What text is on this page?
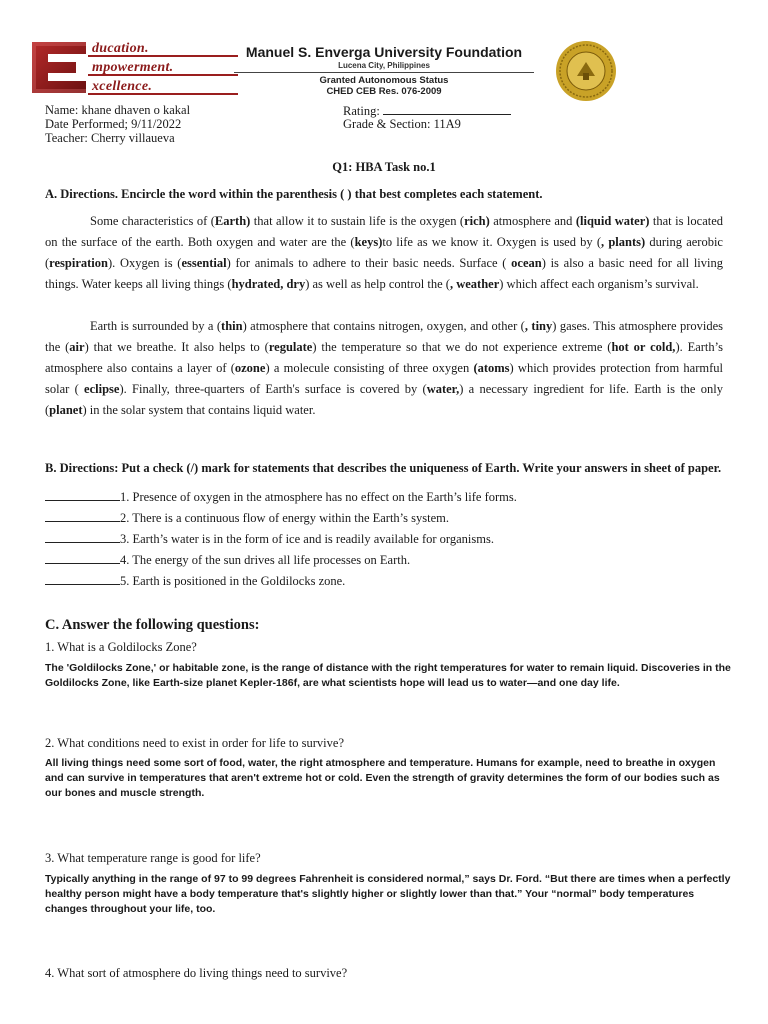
ducation.
mpowerment.
xcellence.
Manuel S. Enverga University Foundation
Lucena City, Philippines
Granted Autonomous Status
CHED CEB Res. 076-2009
Name: khane dhaven o kakal
Date Performed; 9/11/2022
Teacher: Cherry villaueva
Rating:
Grade & Section: 11A9
Q1: HBA Task no.1
A. Directions. Encircle the word within the parenthesis ( ) that best completes each statement.
Some characteristics of (Earth) that allow it to sustain life is the oxygen (rich) atmosphere and (liquid water) that is located on the surface of the earth. Both oxygen and water are the (keys)to life as we know it. Oxygen is used by (, plants) during aerobic (respiration). Oxygen is (essential) for animals to adhere to their basic needs. Surface ( ocean) is also a basic need for all living things. Water keeps all living things (hydrated, dry) as well as help control the (, weather) which affect each organism’s survival.
Earth is surrounded by a (thin) atmosphere that contains nitrogen, oxygen, and other (, tiny) gases. This atmosphere provides the (air) that we breathe. It also helps to (regulate) the temperature so that we do not experience extreme (hot or cold,). Earth’s atmosphere also contains a layer of (ozone) a molecule consisting of three oxygen (atoms) which provides protection from harmful solar ( eclipse). Finally, three-quarters of Earth's surface is covered by (water,) a necessary ingredient for life. Earth is the only (planet) in the solar system that contains liquid water.
B. Directions: Put a check (/) mark for statements that describes the uniqueness of Earth. Write your answers in sheet of paper.
1. Presence of oxygen in the atmosphere has no effect on the Earth’s life forms.
2. There is a continuous flow of energy within the Earth’s system.
3. Earth’s water is in the form of ice and is readily available for organisms.
4. The energy of the sun drives all life processes on Earth.
5. Earth is positioned in the Goldilocks zone.
C. Answer the following questions:
1. What is a Goldilocks Zone?
The 'Goldilocks Zone,' or habitable zone, is the range of distance with the right temperatures for water to remain liquid. Discoveries in the Goldilocks Zone, like Earth-size planet Kepler-186f, are what scientists hope will lead us to water—and one day life.
2. What conditions need to exist in order for life to survive?
All living things need some sort of food, water, the right atmosphere and temperature. Humans for example, need to breathe in oxygen and can survive in temperatures that aren't extreme hot or cold. Even the strength of gravity determines the form of our bodies such as our bones and muscle strength.
3. What temperature range is good for life?
Typically anything in the range of 97 to 99 degrees Fahrenheit is considered normal,” says Dr. Ford. “But there are times when a perfectly healthy person might have a body temperature that's slightly higher or slightly lower than that.” Your “normal” body temperatures changes throughout your life, too.
4. What sort of atmosphere do living things need to survive?
